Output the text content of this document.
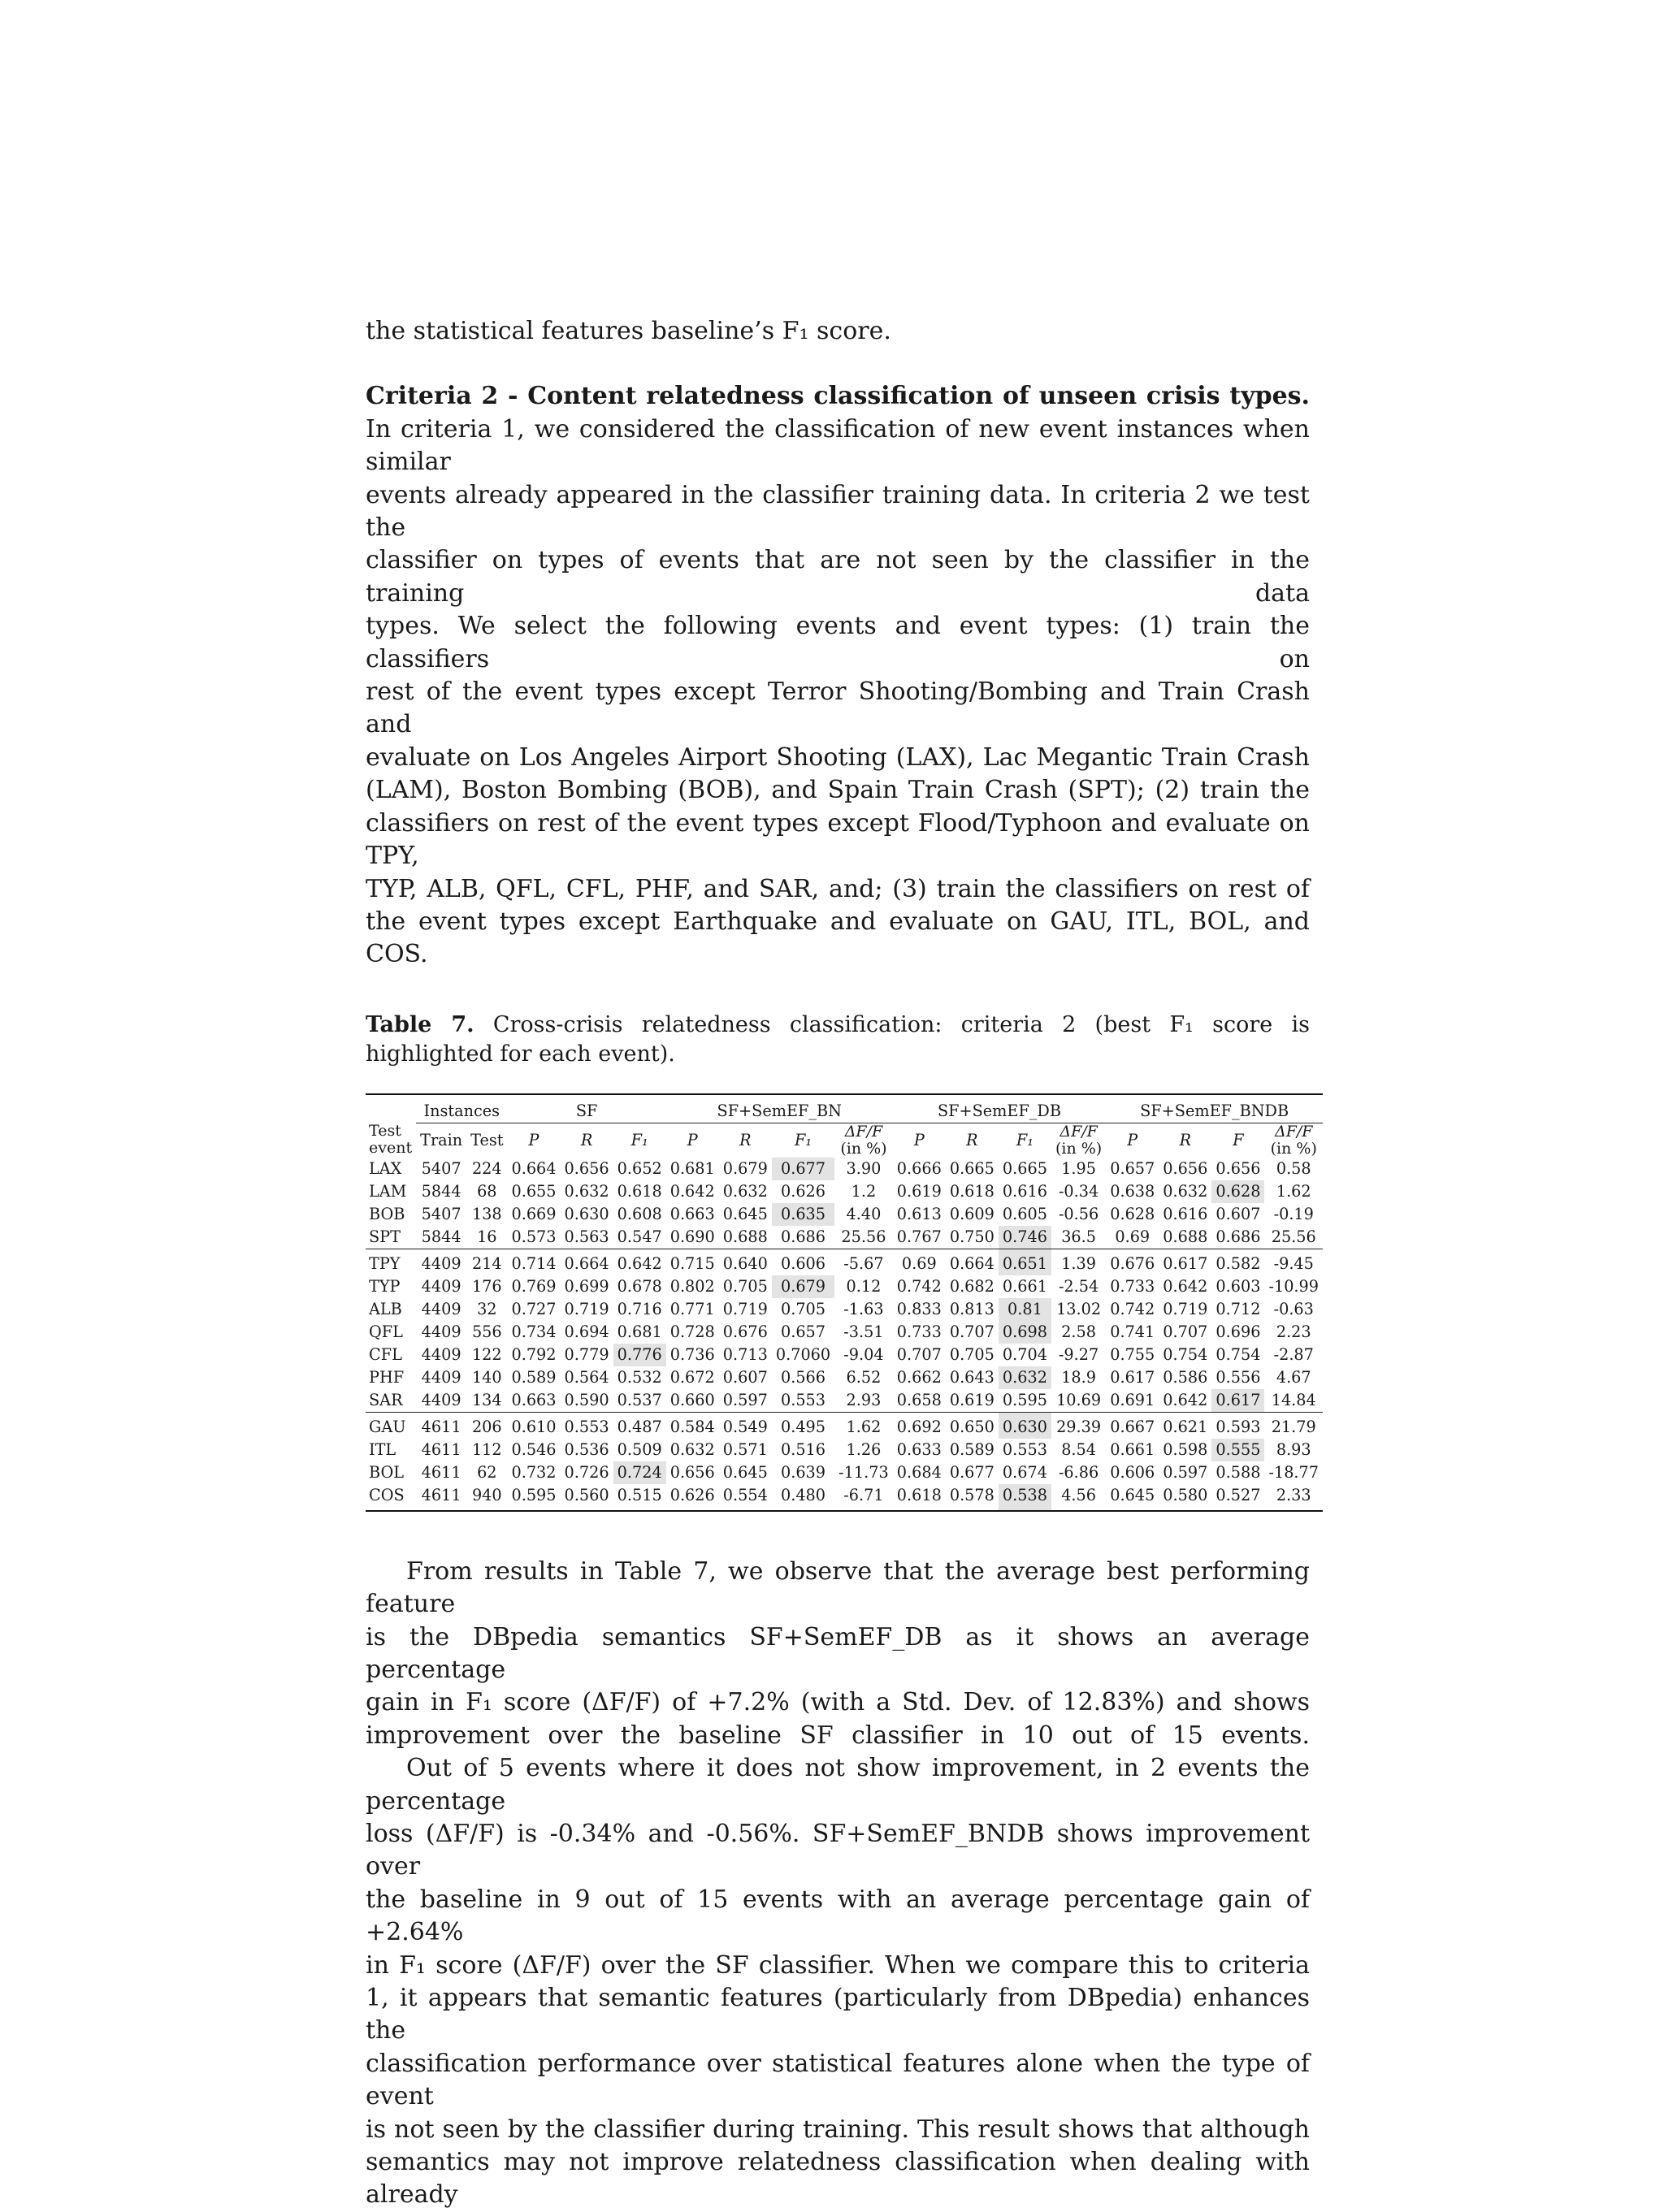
the statistical features baseline’s F₁ score.

Criteria 2 - Content relatedness classification of unseen crisis types.
In criteria 1, we considered the classification of new event instances when similar
events already appeared in the classifier training data. In criteria 2 we test the
classifier on types of events that are not seen by the classifier in the training data
types. We select the following events and event types: (1) train the classifiers on
rest of the event types except Terror Shooting/Bombing and Train Crash and
evaluate on Los Angeles Airport Shooting (LAX), Lac Megantic Train Crash
(LAM), Boston Bombing (BOB), and Spain Train Crash (SPT); (2) train the
classifiers on rest of the event types except Flood/Typhoon and evaluate on TPY,
TYP, ALB, QFL, CFL, PHF, and SAR, and; (3) train the classifiers on rest of
the event types except Earthquake and evaluate on GAU, ITL, BOL, and COS.

Table 7. Cross-crisis relatedness classification: criteria 2 (best F₁ score is highlighted for each event).

	Instances		SF			SF+SemEF_BN				SF+SemEF_DB				SF+SemEF_BNDB			

Test
event	Train	Test	P	R	F₁	P	R	F₁	ΔF/F
(in %)	P	R	F₁	ΔF/F
(in %)	P	R	F	ΔF/F
(in %)

LAX	5407	224	0.664	0.656	0.652	0.681	0.679	0.677	3.90	0.666	0.665	0.665	1.95	0.657	0.656	0.656	0.58
LAM	5844	68	0.655	0.632	0.618	0.642	0.632	0.626	1.2	0.619	0.618	0.616	-0.34	0.638	0.632	0.628	1.62
BOB	5407	138	0.669	0.630	0.608	0.663	0.645	0.635	4.40	0.613	0.609	0.605	-0.56	0.628	0.616	0.607	-0.19
SPT	5844	16	0.573	0.563	0.547	0.690	0.688	0.686	25.56	0.767	0.750	0.746	36.5	0.69	0.688	0.686	25.56
TPY	4409	214	0.714	0.664	0.642	0.715	0.640	0.606	-5.67	0.69	0.664	0.651	1.39	0.676	0.617	0.582	-9.45
TYP	4409	176	0.769	0.699	0.678	0.802	0.705	0.679	0.12	0.742	0.682	0.661	-2.54	0.733	0.642	0.603	-10.99
ALB	4409	32	0.727	0.719	0.716	0.771	0.719	0.705	-1.63	0.833	0.813	0.81	13.02	0.742	0.719	0.712	-0.63
QFL	4409	556	0.734	0.694	0.681	0.728	0.676	0.657	-3.51	0.733	0.707	0.698	2.58	0.741	0.707	0.696	2.23
CFL	4409	122	0.792	0.779	0.776	0.736	0.713	0.7060	-9.04	0.707	0.705	0.704	-9.27	0.755	0.754	0.754	-2.87
PHF	4409	140	0.589	0.564	0.532	0.672	0.607	0.566	6.52	0.662	0.643	0.632	18.9	0.617	0.586	0.556	4.67
SAR	4409	134	0.663	0.590	0.537	0.660	0.597	0.553	2.93	0.658	0.619	0.595	10.69	0.691	0.642	0.617	14.84
GAU	4611	206	0.610	0.553	0.487	0.584	0.549	0.495	1.62	0.692	0.650	0.630	29.39	0.667	0.621	0.593	21.79
ITL	4611	112	0.546	0.536	0.509	0.632	0.571	0.516	1.26	0.633	0.589	0.553	8.54	0.661	0.598	0.555	8.93
BOL	4611	62	0.732	0.726	0.724	0.656	0.645	0.639	-11.73	0.684	0.677	0.674	-6.86	0.606	0.597	0.588	-18.77
COS	4611	940	0.595	0.560	0.515	0.626	0.554	0.480	-6.71	0.618	0.578	0.538	4.56	0.645	0.580	0.527	2.33

From results in Table 7, we observe that the average best performing feature
is the DBpedia semantics SF+SemEF_DB as it shows an average percentage
gain in F₁ score (ΔF/F) of +7.2% (with a Std. Dev. of 12.83%) and shows
improvement over the baseline SF classifier in 10 out of 15 events.

Out of 5 events where it does not show improvement, in 2 events the percentage
loss (ΔF/F) is -0.34% and -0.56%. SF+SemEF_BNDB shows improvement over
the baseline in 9 out of 15 events with an average percentage gain of +2.64%
in F₁ score (ΔF/F) over the SF classifier. When we compare this to criteria
1, it appears that semantic features (particularly from DBpedia) enhances the
classification performance over statistical features alone when the type of event
is not seen by the classifier during training. This result shows that although
semantics may not improve relatedness classification when dealing with already
